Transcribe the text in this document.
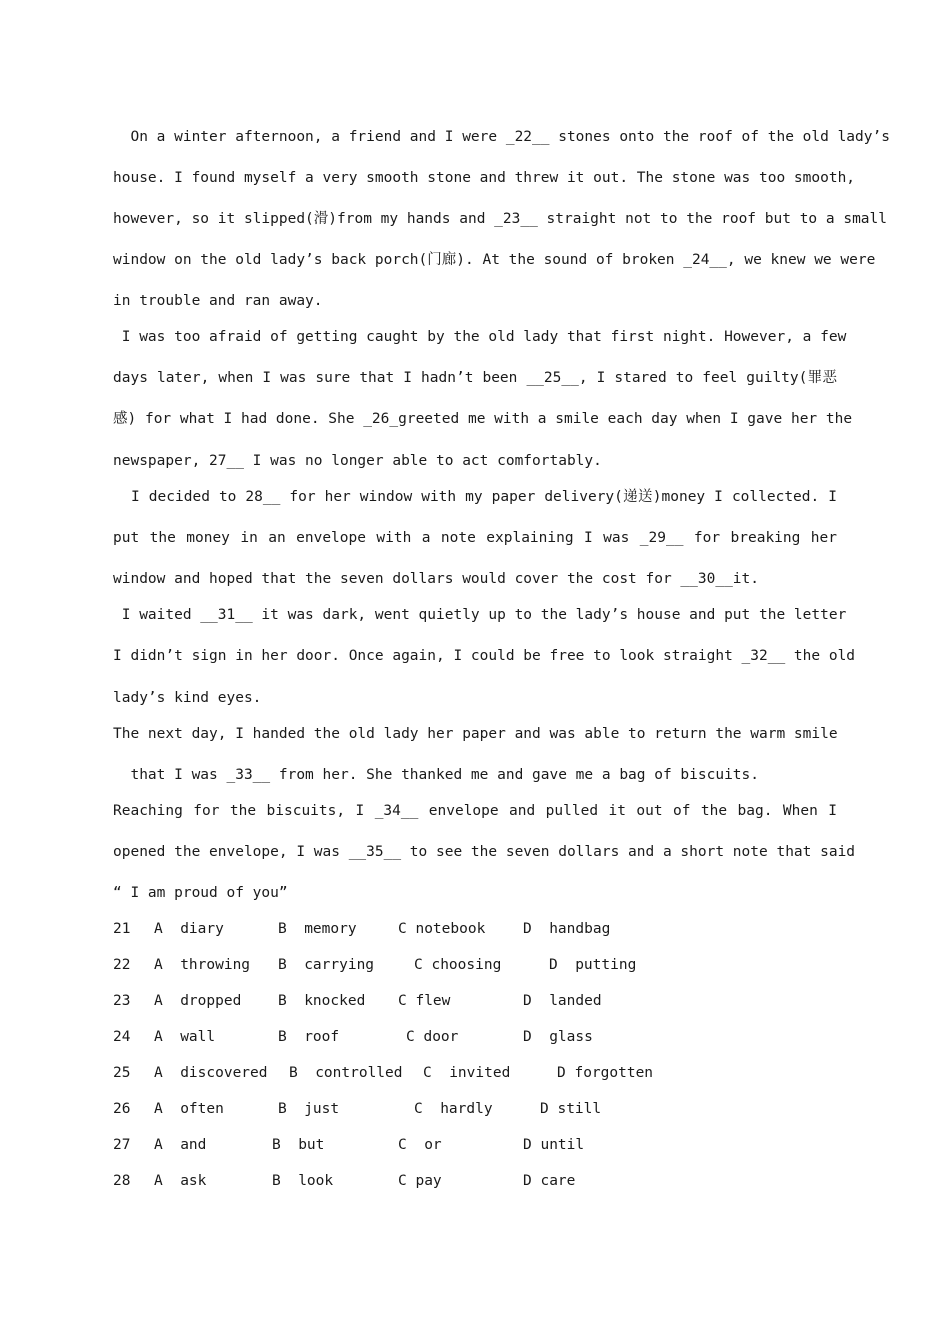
On a winter afternoon, a friend and I were _22__ stones onto the roof of the old lady’s
house. I found myself a very smooth stone and threw it out. The stone was too smooth,
however, so it slipped(滑)from my hands and _23__ straight not to the roof but to a small
window on the old lady’s back porch(门廊). At the sound of broken _24__, we knew we were
in trouble and ran away.
I was too afraid of getting caught by the old lady that first night. However, a few
days later, when I was sure that I hadn’t been __25__, I stared to feel guilty(罪恶
感) for what I had done. She _26_greeted me with a smile each day when I gave her the
newspaper, 27__ I was no longer able to act comfortably.
I decided to 28__ for her window with my paper delivery(递送)money I collected. I
put the money in an envelope with a note explaining I was _29__ for breaking her
window and hoped that the seven dollars would cover the cost for __30__it.
I waited __31__ it was dark, went quietly up to the lady’s house and put the letter
I didn’t sign in her door. Once again, I could be free to look straight _32__ the old
lady’s kind eyes.
The next day, I handed the old lady her paper and was able to return the warm smile
that I was _33__ from her. She thanked me and gave me a bag of biscuits.
Reaching for the biscuits, I _34__ envelope and pulled it out of the bag. When I
opened the envelope, I was __35__ to see the seven dollars and a short note that said
“ I am proud of you”
21 A  diary	B  memory	C notebook	D  handbag
22 A  throwing B  carrying	C choosing	D  putting
23 A  dropped	B  knocked C flew	D  landed
24 A  wall	B  roof	C door	D  glass
25 A  discovered B  controlled C  invited	D forgotten
26 A  often	B  just	C  hardly	D still
27 A  and	B  but	C  or	D until
28 A  ask	B  look	C pay	D care
